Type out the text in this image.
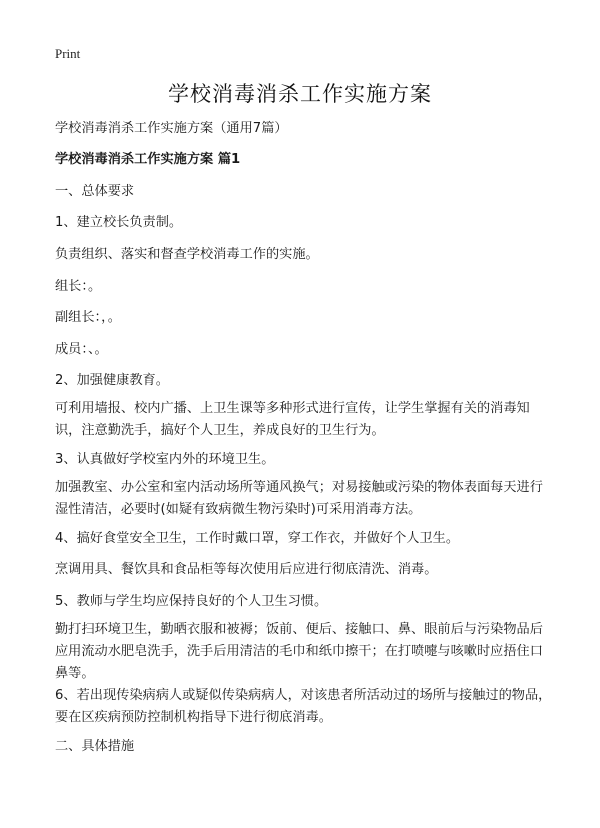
Print
学校消毒消杀工作实施方案

学校消毒消杀工作实施方案（通用7篇）

学校消毒消杀工作实施方案 篇1

一、总体要求

1、建立校长负责制。

负责组织、落实和督查学校消毒工作的实施。

组长：。

副组长：，。

成员：、。

2、加强健康教育。

可利用墙报、校内广播、上卫生课等多种形式进行宣传，让学生掌握有关的消毒知识，注意勤洗手，搞好个人卫生，养成良好的卫生行为。

3、认真做好学校室内外的环境卫生。

加强教室、办公室和室内活动场所等通风换气；对易接触或污染的物体表面每天进行湿性清洁，必要时(如疑有致病微生物污染时)可采用消毒方法。

4、搞好食堂安全卫生，工作时戴口罩，穿工作衣，并做好个人卫生。

烹调用具、餐饮具和食品柜等每次使用后应进行彻底清洗、消毒。

5、教师与学生均应保持良好的个人卫生习惯。

勤打扫环境卫生，勤晒衣服和被褥；饭前、便后、接触口、鼻、眼前后与污染物品后应用流动水肥皂洗手，洗手后用清洁的毛巾和纸巾擦干；在打喷嚏与咳嗽时应捂住口鼻等。

6、若出现传染病病人或疑似传染病病人，对该患者所活动过的场所与接触过的物品，要在区疾病预防控制机构指导下进行彻底消毒。

二、具体措施
